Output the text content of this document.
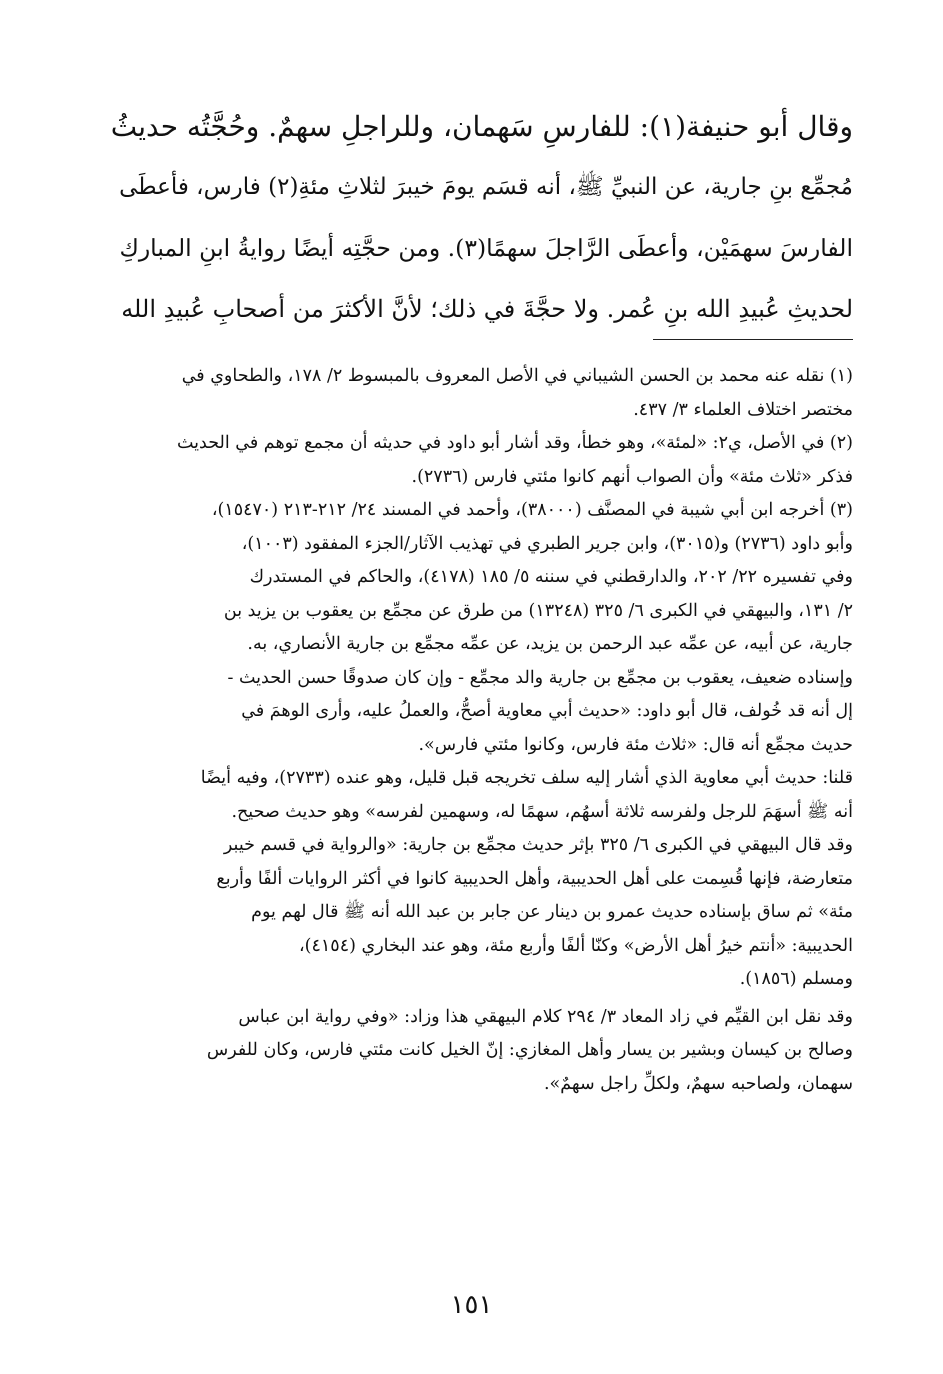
وقال أبو حنيفة(١): للفارسِ سَهمان، وللراجلِ سهمٌ. وحُجَّتُه حديثُ
مُجمِّع بنِ جارية، عن النبيِّ ﷺ، أنه قسَم يومَ خيبرَ لثلاثِ مئةِ(٢) فارس، فأعطَى
الفارسَ سهمَيْن، وأعطَى الرَّاجلَ سهمًا(٣). ومن حجَّتِه أيضًا روايةُ ابنِ المباركِ
لحديثِ عُبيدِ الله بنِ عُمر. ولا حجَّةَ في ذلك؛ لأنَّ الأكثرَ من أصحابِ عُبيدِ الله
(١) نقله عنه محمد بن الحسن الشيباني في الأصل المعروف بالمبسوط ٢/ ١٧٨، والطحاوي في
مختصر اختلاف العلماء ٣/ ٤٣٧.
(٢) في الأصل، ي٢: «لمئة»، وهو خطأ، وقد أشار أبو داود في حديثه أن مجمع توهم في الحديث
فذكر «ثلاث مئة» وأن الصواب أنهم كانوا مئتي فارس (٢٧٣٦).
(٣) أخرجه ابن أبي شيبة في المصنَّف (٣٨٠٠٠)، وأحمد في المسند ٢٤/ ٢١٢-٢١٣ (١٥٤٧٠)،
وأبو داود (٢٧٣٦) و(٣٠١٥)، وابن جرير الطبري في تهذيب الآثار/الجزء المفقود (١٠٠٣)،
وفي تفسيره ٢٢/ ٢٠٢، والدارقطني في سننه ٥/ ١٨٥ (٤١٧٨)، والحاكم في المستدرك
٢/ ١٣١، والبيهقي في الكبرى ٦/ ٣٢٥ (١٣٢٤٨) من طرق عن مجمِّع بن يعقوب بن يزيد بن
جارية، عن أبيه، عن عمِّه عبد الرحمن بن يزيد، عن عمِّه مجمِّع بن جارية الأنصاري، به.
وإسناده ضعيف، يعقوب بن مجمِّع بن جارية والد مجمِّع - وإن كان صدوقًا حسن الحديث -
إل أنه قد خُولف، قال أبو داود: «حديث أبي معاوية أصحُّ، والعملُ عليه، وأرى الوهمَ في
حديث مجمِّع أنه قال: «ثلاث مئة فارس، وكانوا مئتي فارس».
قلنا: حديث أبي معاوية الذي أشار إليه سلف تخريجه قبل قليل، وهو عنده (٢٧٣٣)، وفيه أيضًا
أنه ﷺ أسهَمَ للرجل ولفرسه ثلاثة أسهُم، سهمًا له، وسهمين لفرسه» وهو حديث صحيح.
وقد قال البيهقي في الكبرى ٦/ ٣٢٥ بإثر حديث مجمِّع بن جارية: «والرواية في قسم خيبر
متعارضة، فإنها قُسِمت على أهل الحديبية، وأهل الحديبية كانوا في أكثر الروايات ألفًا وأربع
مئة» ثم ساق بإسناده حديث عمرو بن دينار عن جابر بن عبد الله أنه ﷺ قال لهم يوم
الحديبية: «أنتم خيرُ أهل الأرض» وكنّا ألفًا وأربع مئة، وهو عند البخاري (٤١٥٤)،
ومسلم (١٨٥٦).
وقد نقل ابن القيِّم في زاد المعاد ٣/ ٢٩٤ كلام البيهقي هذا وزاد: «وفي رواية ابن عباس
وصالح بن كيسان وبشير بن يسار وأهل المغازي: إنّ الخيل كانت مئتي فارس، وكان للفرس
سهمان، ولصاحبه سهمٌ، ولكلِّ راجل سهمٌ».
١٥١
